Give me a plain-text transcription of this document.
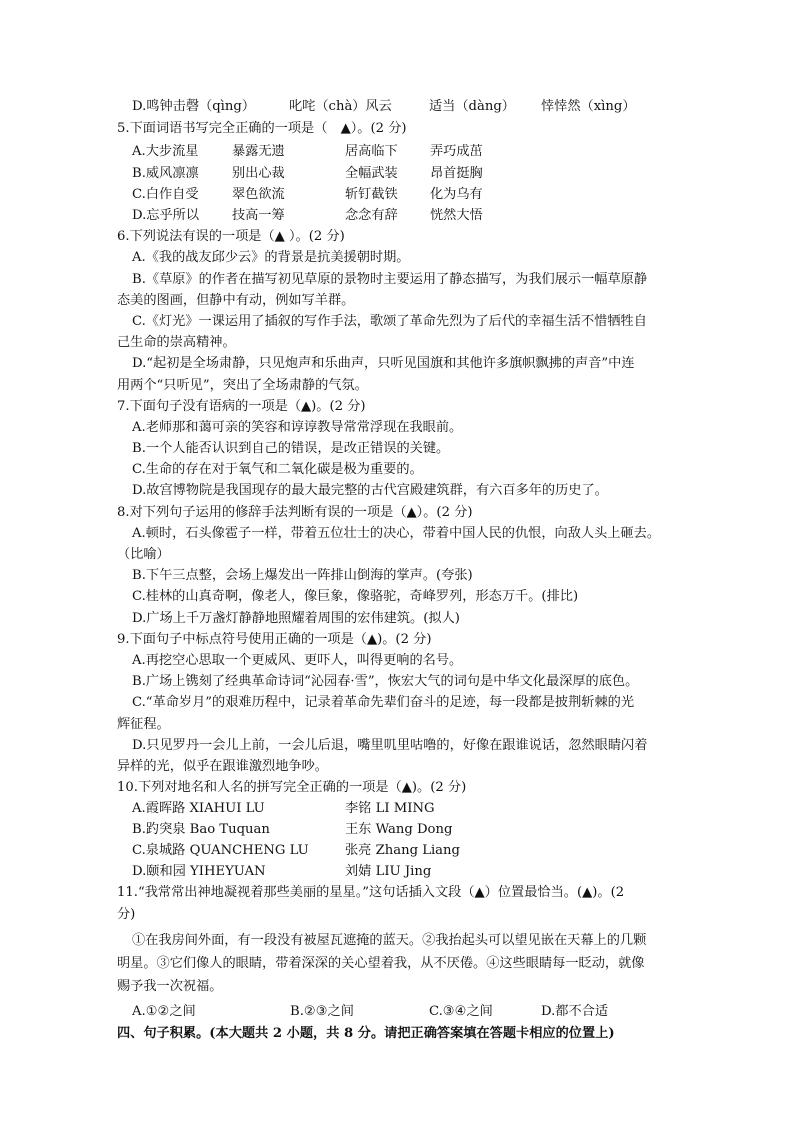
D.鸣钟击磬（qìng）	叱咤（chà）风云	适当（dàng） 悻悻然（xìng）
5.下面词语书写完全正确的一项是（　▲）。(2 分)
A.大步流星	暴露无遗	居高临下 弄巧成茁
B.威风凛凛	别出心裁	全幅武装 昂首挺胸
C.白作自受	翠色欲流	斩钉截铁 化为乌有
D.忘乎所以 技高一筹	念念有辞 恍然大悟
6.下列说法有误的一项是（▲ ）。(2 分)
A.《我的战友邱少云》的背景是抗美援朝时期。
B.《草原》的作者在描写初见草原的景物时主要运用了静态描写，为我们展示一幅草原静
态美的图画，但静中有动，例如写羊群。
C.《灯光》一课运用了插叙的写作手法，歌颂了革命先烈为了后代的幸福生活不惜牺牲自
己生命的崇高精神。
D.“起初是全场肃静，只见炮声和乐曲声，只听见国旗和其他许多旗帜飘拂的声音”中连
用两个“只听见”，突出了全场肃静的气氛。
7.下面句子没有语病的一项是（▲)。(2 分)
A.老师那和蔼可亲的笑容和谆谆教导常常浮现在我眼前。
B.一个人能否认识到自己的错误，是改正错误的关键。
C.生命的存在对于氧气和二氧化碳是极为重要的。
D.故宫博物院是我国现存的最大最完整的古代宫殿建筑群，有六百多年的历史了。
8.对下列句子运用的修辞手法判断有误的一项是（▲）。(2 分)
A.顿时，石头像雹子一样，带着五位壮士的决心，带着中国人民的仇恨，向敌人头上砸去。
（比喻）
B.下午三点整，会场上爆发出一阵排山倒海的掌声。(夸张)
C.桂林的山真奇啊，像老人，像巨象，像骆驼，奇峰罗列，形态万千。(排比)
D.广场上千万盏灯静静地照耀着周围的宏伟建筑。(拟人)
9.下面句子中标点符号使用正确的一项是（▲)。(2 分)
A.再挖空心思取一个更威风、更吓人，叫得更响的名号。
B.广场上镌刻了经典革命诗词“沁园春·雪”，恢宏大气的词句是中华文化最深厚的底色。
C.“革命岁月”的艰难历程中，记录着革命先辈们奋斗的足迹，每一段都是披荆斩棘的光
辉征程。
D.只见罗丹一会儿上前，一会儿后退，嘴里叽里咕噜的，好像在跟谁说话，忽然眼睛闪着
异样的光，似乎在跟谁激烈地争吵。
10.下列对地名和人名的拼写完全正确的一项是（▲)。(2 分)
A.霞晖路 XIAHUI LU	李铭 LI MING
B.趵突泉 Bao Tuquan	王东 Wang Dong
C.泉城路 QUANCHENG LU	张亮 Zhang Liang
D.颐和园 YIHEYUAN	刘婧 LIU Jing
11.“我常常出神地凝视着那些美丽的星星。”这句话插入文段（▲）位置最恰当。(▲)。(2
分)
①在我房间外面，有一段没有被屋瓦遮掩的蓝天。②我抬起头可以望见嵌在天幕上的几颗
明星。③它们像人的眼睛，带着深深的关心望着我，从不厌倦。④这些眼睛每一眨动，就像
赐予我一次祝福。
A.①②之间	B.②③之间	C.③④之间	D.都不合适
四、句子积累。(本大题共 2 小题，共 8 分。请把正确答案填在答题卡相应的位置上)
